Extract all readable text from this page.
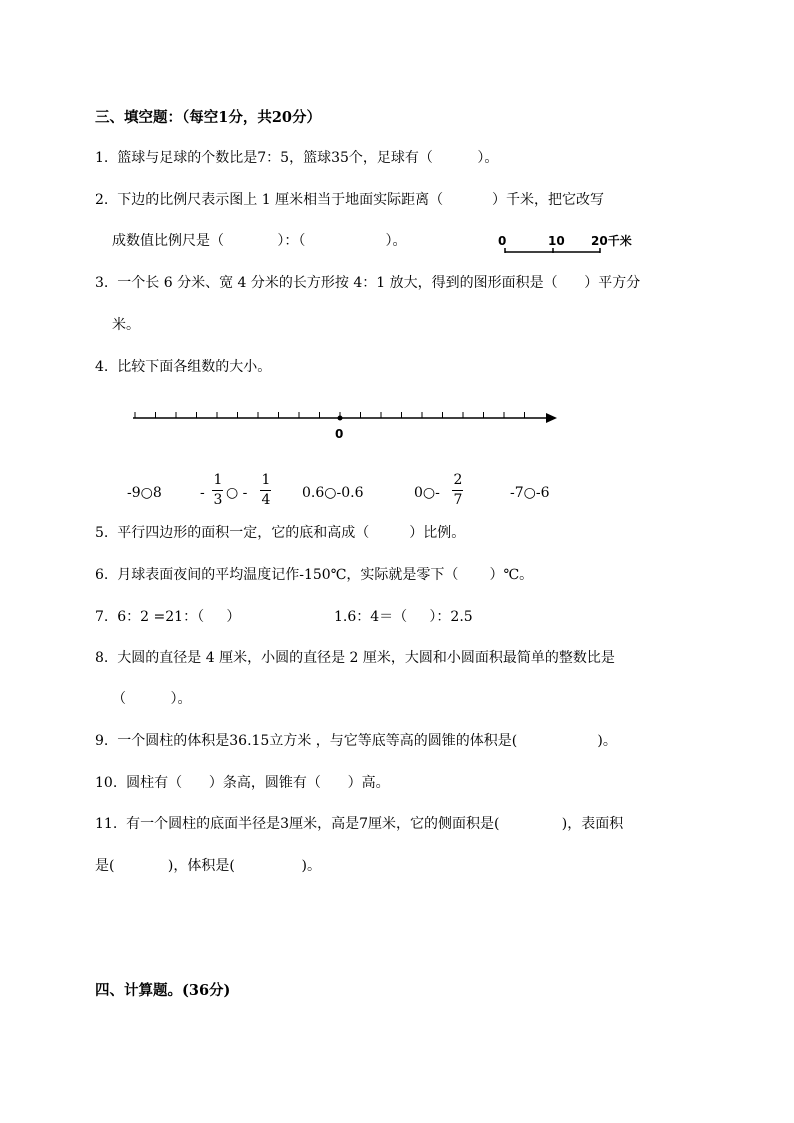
三、填空题：（每空1分，共20分）
1.  篮球与足球的个数比是7：5，篮球35个，足球有（          ）。
2.  下边的比例尺表示图上 1 厘米相当于地面实际距离（           ）千米，把它改写
成数值比例尺是（            ）：（                  ）。	0	10 20千米
3.  一个长 6 分米、宽 4 分米的长方形按 4：1 放大，得到的图形面积是（      ）平方分
米。
4.  比较下面各组数的大小。
0
-9○8	-
1
3 ○ -
1
4 0.6○-0.6	0○-
2
7	-7○-6
5.  平行四边形的面积一定，它的底和高成（         ）比例。
6.  月球表面夜间的平均温度记作-150℃，实际就是零下（       ）℃。
7.  6：2 =21：（     ）	1.6：4＝（     ）：2.5
8.  大圆的直径是 4 厘米，小圆的直径是 2 厘米，大圆和小圆面积最简单的整数比是
（          ）。
9.  一个圆柱的体积是36.15立方米 ，与它等底等高的圆锥的体积是(                  )。
10.  圆柱有（      ）条高，圆锥有（      ）高。
11.  有一个圆柱的底面半径是3厘米，高是7厘米，它的侧面积是(              )，表面积
是(            )，体积是(               )。
四、计算题。(36分)
